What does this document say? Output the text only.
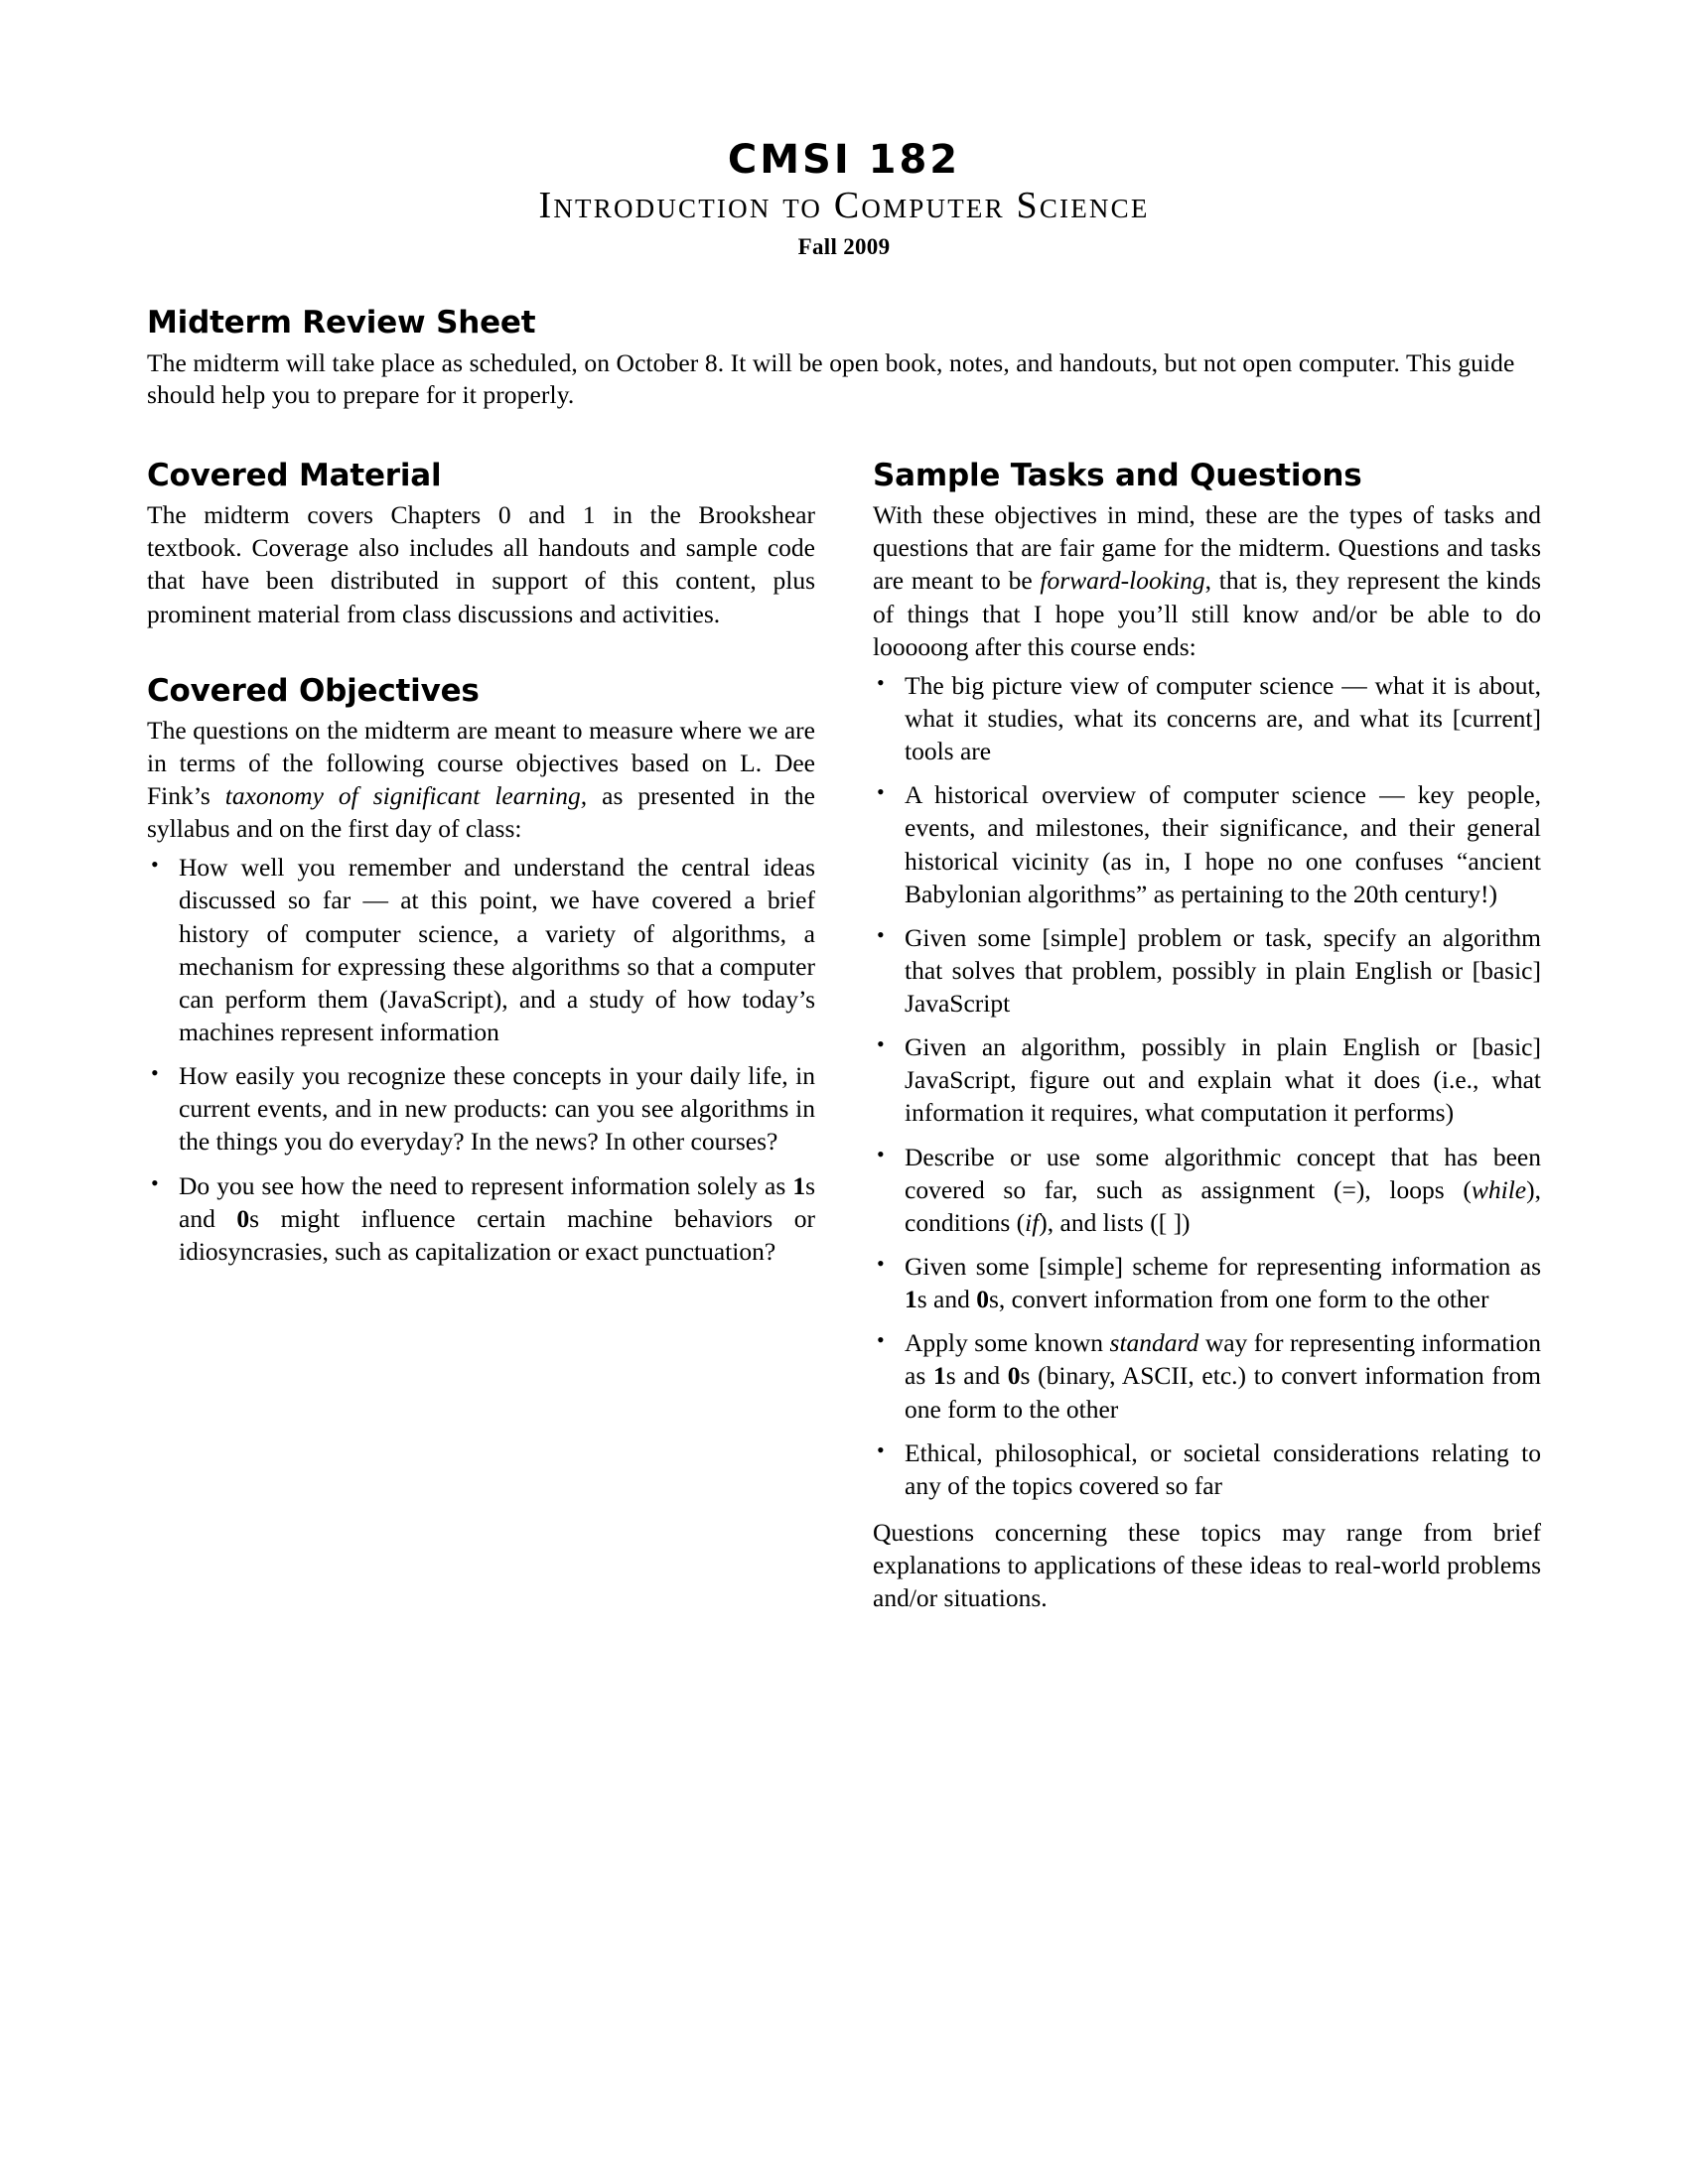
CMSI 182
Introduction to Computer Science
Fall 2009
Midterm Review Sheet

The midterm will take place as scheduled, on October 8. It will be open book, notes, and handouts, but not open computer. This guide should help you to prepare for it properly.

Covered Material

The midterm covers Chapters 0 and 1 in the Brookshear textbook. Coverage also includes all handouts and sample code that have been distributed in support of this content, plus prominent material from class discussions and activities.

Covered Objectives

The questions on the midterm are meant to measure where we are in terms of the following course objectives based on L. Dee Fink’s taxonomy of significant learning, as presented in the syllabus and on the first day of class:

• How well you remember and understand the central ideas discussed so far — at this point, we have covered a brief history of computer science, a variety of algorithms, a mechanism for expressing these algorithms so that a computer can perform them (JavaScript), and a study of how today’s machines represent information
• How easily you recognize these concepts in your daily life, in current events, and in new products: can you see algorithms in the things you do everyday? In the news? In other courses?
• Do you see how the need to represent information solely as 1s and 0s might influence certain machine behaviors or idiosyncrasies, such as capitalization or exact punctuation?
Sample Tasks and Questions

With these objectives in mind, these are the types of tasks and questions that are fair game for the midterm. Questions and tasks are meant to be forward-looking, that is, they represent the kinds of things that I hope you’ll still know and/or be able to do looooong after this course ends:

• The big picture view of computer science — what it is about, what it studies, what its concerns are, and what its [current] tools are
• A historical overview of computer science — key people, events, and milestones, their significance, and their general historical vicinity (as in, I hope no one confuses “ancient Babylonian algorithms” as pertaining to the 20th century!)
• Given some [simple] problem or task, specify an algorithm that solves that problem, possibly in plain English or [basic] JavaScript
• Given an algorithm, possibly in plain English or [basic] JavaScript, figure out and explain what it does (i.e., what information it requires, what computation it performs)
• Describe or use some algorithmic concept that has been covered so far, such as assignment (=), loops (while), conditions (if), and lists ([ ])
• Given some [simple] scheme for representing information as 1s and 0s, convert information from one form to the other
• Apply some known standard way for representing information as 1s and 0s (binary, ASCII, etc.) to convert information from one form to the other
• Ethical, philosophical, or societal considerations relating to any of the topics covered so far

Questions concerning these topics may range from brief explanations to applications of these ideas to real-world problems and/or situations.
